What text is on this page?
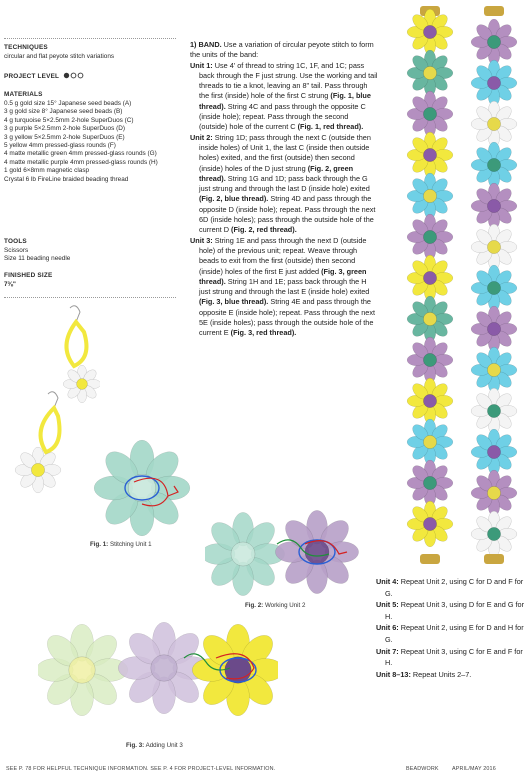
TECHNIQUES
circular and flat peyote stitch variations
PROJECT LEVEL
MATERIALS
0.5 g gold size 15° Japanese seed beads (A)
3 g gold size 8° Japanese seed beads (B)
4 g turquoise 5×2.5mm 2-hole SuperDuos (C)
3 g purple 5×2.5mm 2-hole SuperDuos (D)
3 g yellow 5×2.5mm 2-hole SuperDuos (E)
5 yellow 4mm pressed-glass rounds (F)
4 matte metallic green 4mm pressed-glass rounds (G)
4 matte metallic purple 4mm pressed-glass rounds (H)
1 gold 6×8mm magnetic clasp
Crystal 6 lb FireLine braided beading thread
TOOLS
Scissors
Size 11 beading needle
FINISHED SIZE
7⅜"

1) BAND. Use a variation of circular peyote stitch to form the units of the band:

Unit 1: Use 4' of thread to string 1C, 1F, and 1C; pass back through the F just strung. Use the working and tail threads to tie a knot, leaving an 8" tail. Pass through the first (inside) hole of the first C strung (Fig. 1, blue thread). String 4C and pass through the opposite C (inside hole); repeat. Pass through the second (outside) hole of the current C (Fig. 1, red thread).

Unit 2: String 1D; pass through the next C (outside then inside holes) of Unit 1, the last C (inside then outside holes) exited, and the first (outside) then second (inside) holes of the D just strung (Fig. 2, green thread). String 1G and 1D; pass back through the G just strung and through the last D (inside hole) exited (Fig. 2, blue thread). String 4D and pass through the opposite D (inside hole); repeat. Pass through the next 6D (inside holes); pass through the outside hole of the current D (Fig. 2, red thread).

Unit 3: String 1E and pass through the next D (outside hole) of the previous unit; repeat. Weave through beads to exit from the first (outside) then second (inside) holes of the first E just added (Fig. 3, green thread). String 1H and 1E; pass back through the H just strung and through the last E (inside hole) exited (Fig. 3, blue thread). String 4E and pass through the opposite E (inside hole); repeat. Pass through the next 5E (inside holes); pass through the outside hole of the current E (Fig. 3, red thread).

Unit 4: Repeat Unit 2, using C for D and F for G.

Unit 5: Repeat Unit 3, using D for E and G for H.

Unit 6: Repeat Unit 2, using E for D and H for G.

Unit 7: Repeat Unit 3, using C for E and F for H.

Unit 8–13: Repeat Units 2–7.

Fig. 1: Stitching Unit 1
Fig. 2: Working Unit 2
Fig. 3: Adding Unit 3
SEE P. 78 FOR HELPFUL TECHNIQUE INFORMATION. SEE P. 4 FOR PROJECT-LEVEL INFORMATION.	BEADWORK APRIL/MAY 2016
